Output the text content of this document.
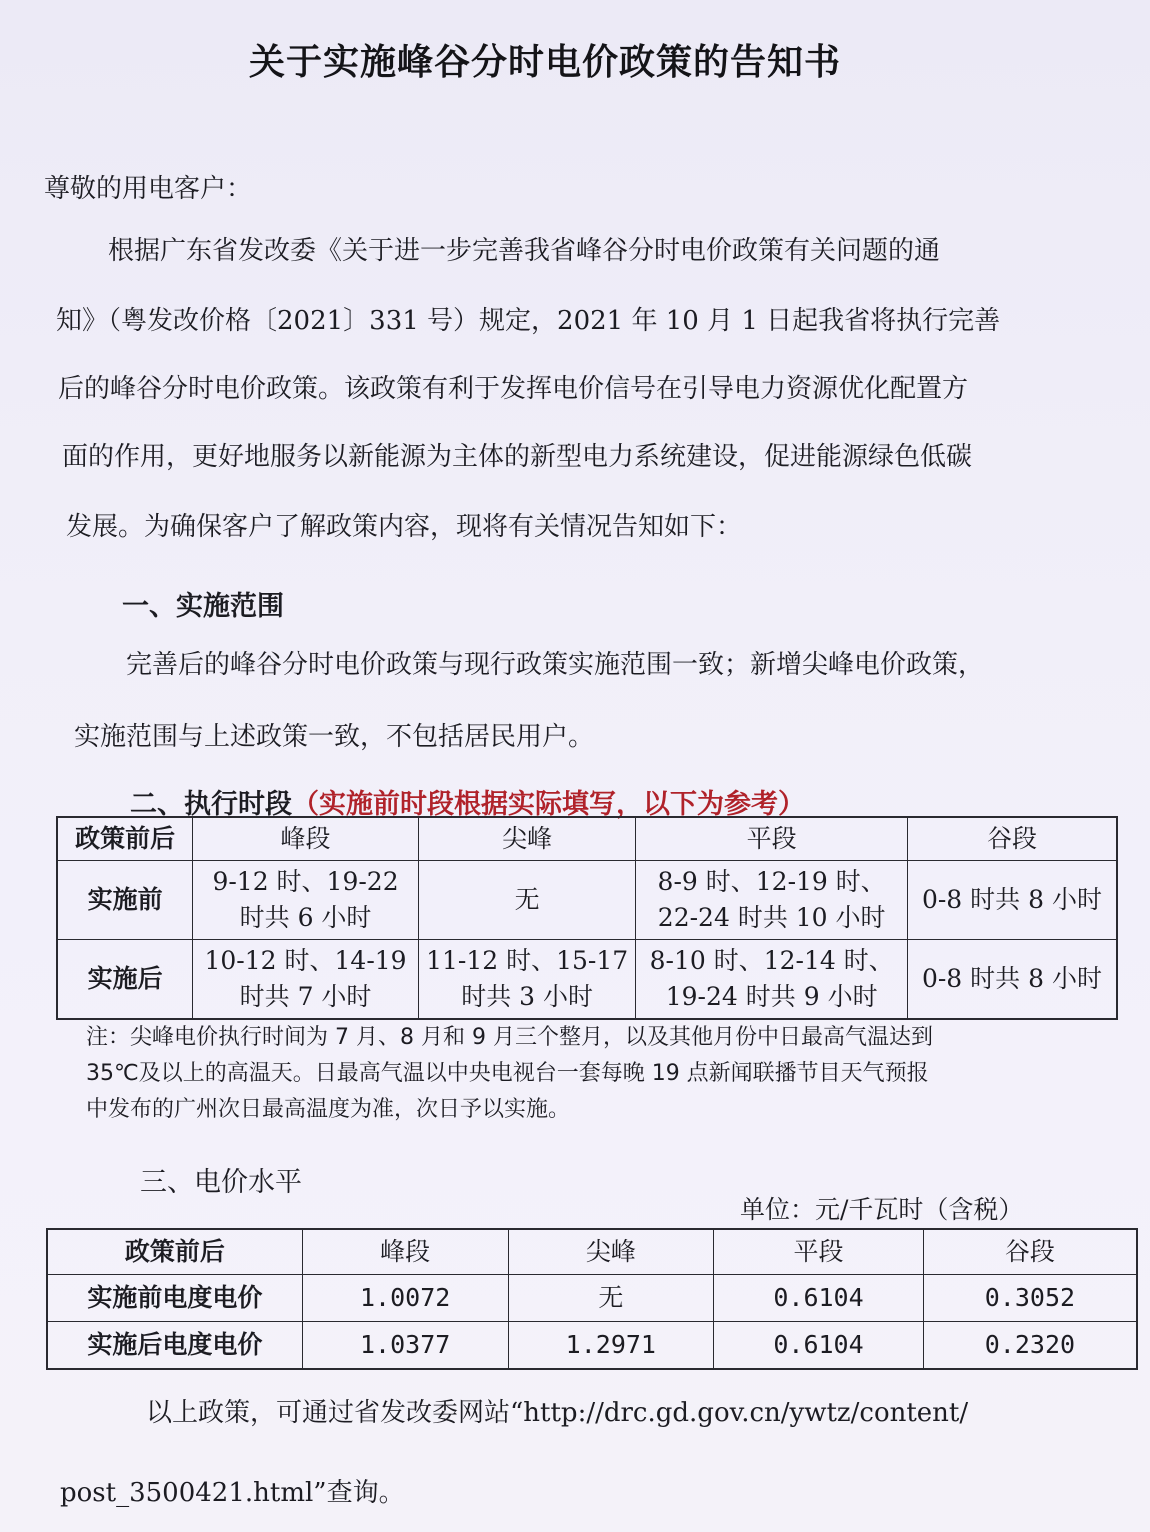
关于实施峰谷分时电价政策的告知书
尊敬的用电客户：
根据广东省发改委《关于进一步完善我省峰谷分时电价政策有关问题的通
知》（粤发改价格〔2021〕331 号）规定，2021 年 10 月 1 日起我省将执行完善
后的峰谷分时电价政策。该政策有利于发挥电价信号在引导电力资源优化配置方
面的作用，更好地服务以新能源为主体的新型电力系统建设，促进能源绿色低碳
发展。为确保客户了解政策内容，现将有关情况告知如下：
一、实施范围
完善后的峰谷分时电价政策与现行政策实施范围一致；新增尖峰电价政策，
实施范围与上述政策一致，不包括居民用户。
二、执行时段（实施前时段根据实际填写，以下为参考）
政策前后	峰段	尖峰	平段	谷段
实施前	9-12 时、19-22 时共 6 小时	无	8-9 时、12-19 时、22-24 时共 10 小时	0-8 时共 8 小时
实施后	10-12 时、14-19 时共 7 小时	11-12 时、15-17 时共 3 小时	8-10 时、12-14 时、19-24 时共 9 小时	0-8 时共 8 小时
注：尖峰电价执行时间为 7 月、8 月和 9 月三个整月，以及其他月份中日最高气温达到
35℃及以上的高温天。日最高气温以中央电视台一套每晚 19 点新闻联播节目天气预报
中发布的广州次日最高温度为准，次日予以实施。
三、电价水平
单位：元/千瓦时（含税）
政策前后	峰段	尖峰	平段	谷段
实施前电度电价	1.0072	无	0.6104	0.3052
实施后电度电价	1.0377	1.2971	0.6104	0.2320
以上政策，可通过省发改委网站“http://drc.gd.gov.cn/ywtz/content/
post_3500421.html”查询。
